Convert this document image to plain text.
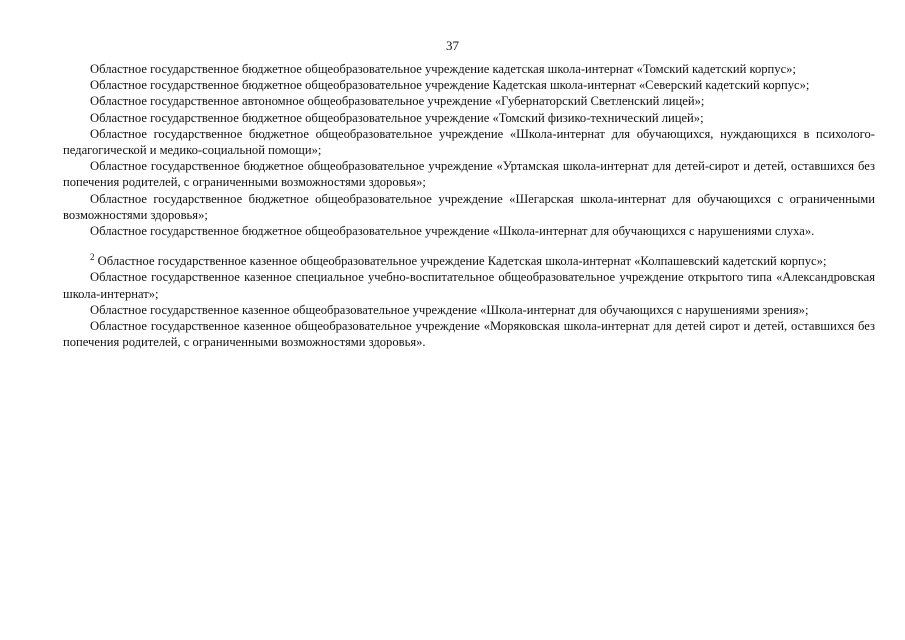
37

Областное государственное бюджетное общеобразовательное учреждение кадетская школа-интернат «Томский кадетский корпус»;

Областное государственное бюджетное общеобразовательное учреждение Кадетская школа-интернат «Северский кадетский корпус»;

Областное государственное автономное общеобразовательное учреждение «Губернаторский Светленский лицей»;

Областное государственное бюджетное общеобразовательное учреждение «Томский физико-технический лицей»;

Областное государственное бюджетное общеобразовательное учреждение «Школа-интернат для обучающихся, нуждающихся в психолого-педагогической и медико-социальной помощи»;

Областное государственное бюджетное общеобразовательное учреждение «Уртамская школа-интернат для детей-сирот и детей, оставшихся без попечения родителей, с ограниченными возможностями здоровья»;

Областное государственное бюджетное общеобразовательное учреждение «Шегарская школа-интернат для обучающихся с ограниченными возможностями здоровья»;

Областное государственное бюджетное общеобразовательное учреждение «Школа-интернат для обучающихся с нарушениями слуха».

$^2$ Областное государственное казенное общеобразовательное учреждение Кадетская школа-интернат «Колпашевский кадетский корпус»;

Областное государственное казенное специальное учебно-воспитательное общеобразовательное учреждение открытого типа «Александровская школа-интернат»;

Областное государственное казенное общеобразовательное учреждение «Школа-интернат для обучающихся с нарушениями зрения»;

Областное государственное казенное общеобразовательное учреждение «Моряковская школа-интернат для детей сирот и детей, оставшихся без попечения родителей, с ограниченными возможностями здоровья».
